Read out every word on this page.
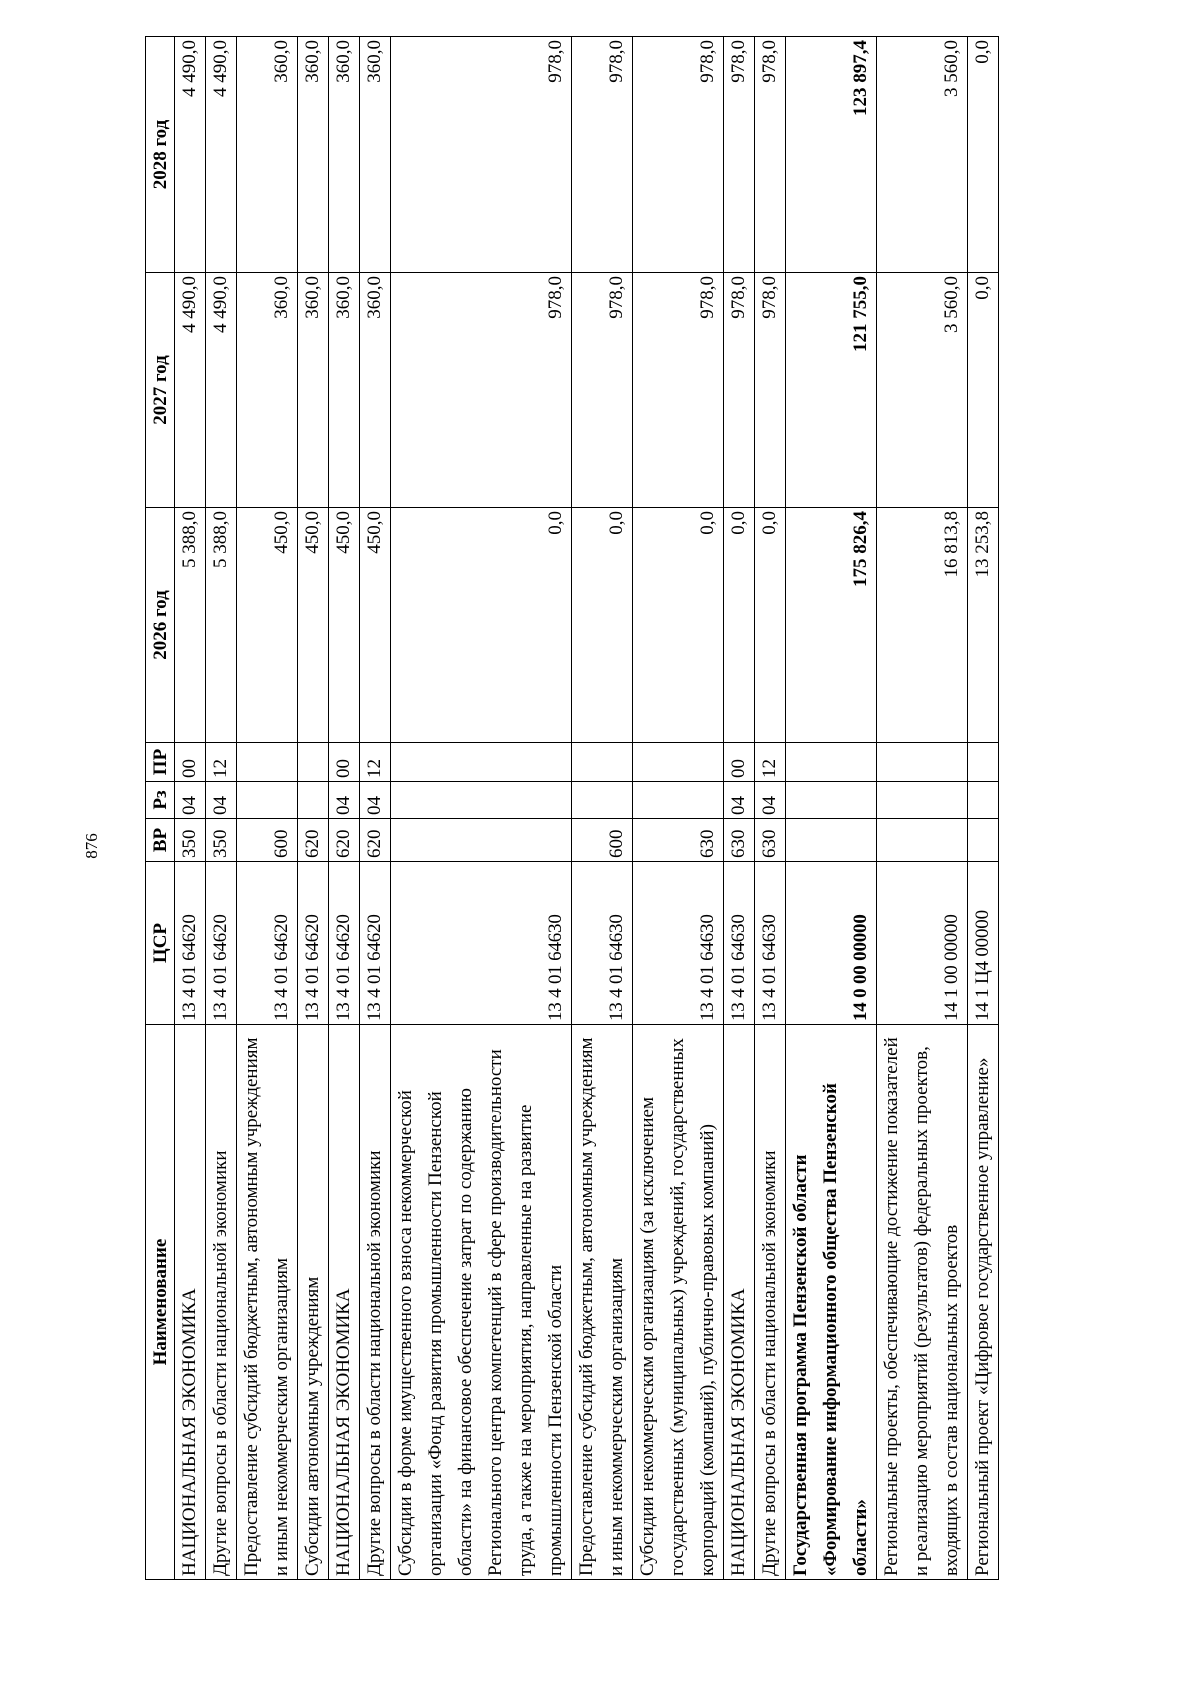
876
Наименование	ЦСР	ВР	Рз	ПР	2026 год	2027 год	2028 год
НАЦИОНАЛЬНАЯ ЭКОНОМИКА	13 4 01 64620	350	04	00	5 388,0	4 490,0	4 490,0
Другие вопросы в области национальной экономики	13 4 01 64620	350	04	12	5 388,0	4 490,0	4 490,0
Предоставление субсидий бюджетным, автономным учреждениям и иным некоммерческим организациям	13 4 01 64620	600			450,0	360,0	360,0
Субсидии автономным учреждениям	13 4 01 64620	620			450,0	360,0	360,0
НАЦИОНАЛЬНАЯ ЭКОНОМИКА	13 4 01 64620	620	04	00	450,0	360,0	360,0
Другие вопросы в области национальной экономики	13 4 01 64620	620	04	12	450,0	360,0	360,0
Субсидии в форме имущественного взноса некоммерческой организации «Фонд развития промышленности Пензенской области» на финансовое обеспечение затрат по содержанию Регионального центра компетенций в сфере производительности труда, а также на мероприятия, направленные на развитие промышленности Пензенской области	13 4 01 64630				0,0	978,0	978,0
Предоставление субсидий бюджетным, автономным учреждениям и иным некоммерческим организациям	13 4 01 64630	600			0,0	978,0	978,0
Субсидии некоммерческим организациям (за исключением государственных (муниципальных) учреждений, государственных корпораций (компаний), публично-правовых компаний)	13 4 01 64630	630			0,0	978,0	978,0
НАЦИОНАЛЬНАЯ ЭКОНОМИКА	13 4 01 64630	630	04	00	0,0	978,0	978,0
Другие вопросы в области национальной экономики	13 4 01 64630	630	04	12	0,0	978,0	978,0
Государственная программа Пензенской области «Формирование информационного общества Пензенской области»	14 0 00 00000				175 826,4	121 755,0	123 897,4
Региональные проекты, обеспечивающие достижение показателей и реализацию мероприятий (результатов) федеральных проектов, входящих в состав национальных проектов	14 1 00 00000				16 813,8	3 560,0	3 560,0
Региональный проект «Цифровое государственное управление»	14 1 Ц4 00000				13 253,8	0,0	0,0
